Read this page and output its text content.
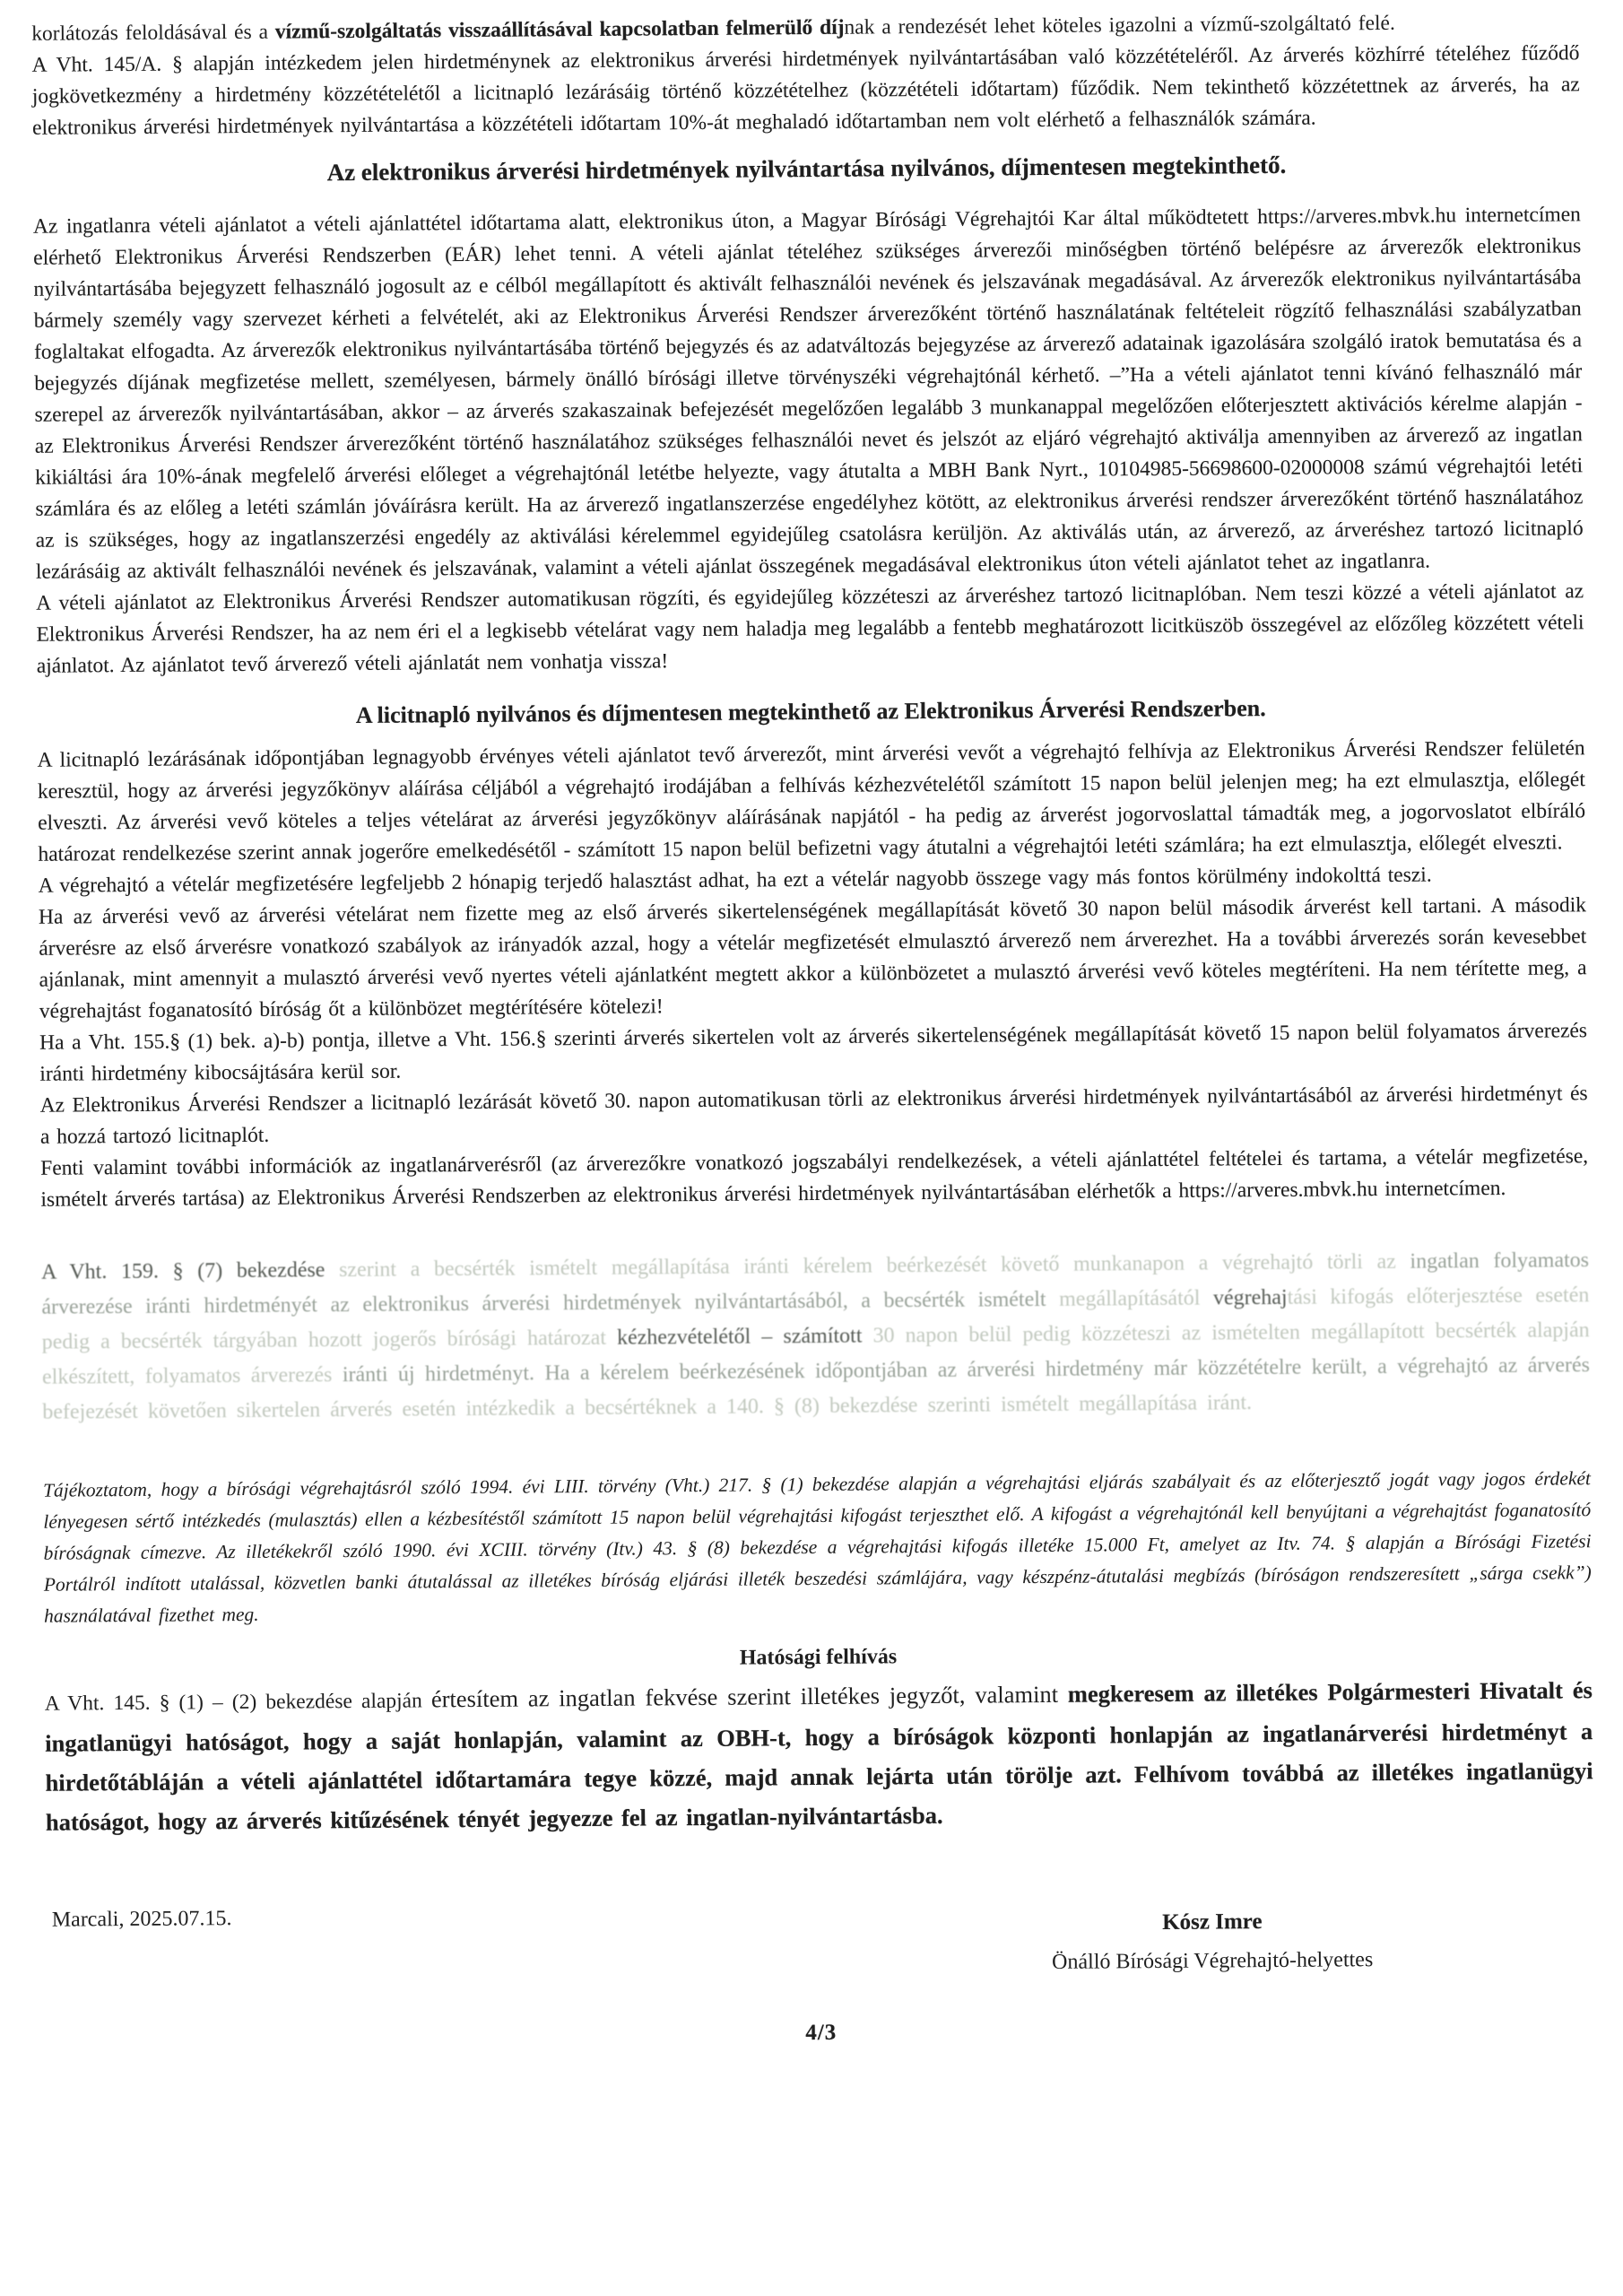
korlátozás feloldásával és a vízmű-szolgáltatás visszaállításával kapcsolatban felmerülő díjnak a rendezését lehet köteles igazolni a vízmű-szolgáltató felé.

A Vht. 145/A. § alapján intézkedem jelen hirdetménynek az elektronikus árverési hirdetmények nyilvántartásában való közzétételéről. Az árverés közhírré tételéhez fűződő jogkövetkezmény a hirdetmény közzétételétől a licitnapló lezárásáig történő közzétételhez (közzétételi időtartam) fűződik. Nem tekinthető közzétettnek az árverés, ha az elektronikus árverési hirdetmények nyilvántartása a közzétételi időtartam 10%-át meghaladó időtartamban nem volt elérhető a felhasználók számára.

Az elektronikus árverési hirdetmények nyilvántartása nyilvános, díjmentesen megtekinthető.

Az ingatlanra vételi ajánlatot a vételi ajánlattétel időtartama alatt, elektronikus úton, a Magyar Bírósági Végrehajtói Kar által működtetett https://arveres.mbvk.hu internetcímen elérhető Elektronikus Árverési Rendszerben (EÁR) lehet tenni. A vételi ajánlat tételéhez szükséges árverezői minőségben történő belépésre az árverezők elektronikus nyilvántartásába bejegyzett felhasználó jogosult az e célból megállapított és aktivált felhasználói nevének és jelszavának megadásával. Az árverezők elektronikus nyilvántartásába bármely személy vagy szervezet kérheti a felvételét, aki az Elektronikus Árverési Rendszer árverezőként történő használatának feltételeit rögzítő felhasználási szabályzatban foglaltakat elfogadta. Az árverezők elektronikus nyilvántartásába történő bejegyzés és az adatváltozás bejegyzése az árverező adatainak igazolására szolgáló iratok bemutatása és a bejegyzés díjának megfizetése mellett, személyesen, bármely önálló bírósági illetve törvényszéki végrehajtónál kérhető. –”Ha a vételi ajánlatot tenni kívánó felhasználó már szerepel az árverezők nyilvántartásában, akkor – az árverés szakaszainak befejezését megelőzően legalább 3 munkanappal megelőzően előterjesztett aktivációs kérelme alapján - az Elektronikus Árverési Rendszer árverezőként történő használatához szükséges felhasználói nevet és jelszót az eljáró végrehajtó aktiválja amennyiben az árverező az ingatlan kikiáltási ára 10%-ának megfelelő árverési előleget a végrehajtónál letétbe helyezte, vagy átutalta a MBH Bank Nyrt., 10104985-56698600-02000008 számú végrehajtói letéti számlára és az előleg a letéti számlán jóváírásra került. Ha az árverező ingatlanszerzése engedélyhez kötött, az elektronikus árverési rendszer árverezőként történő használatához az is szükséges, hogy az ingatlanszerzési engedély az aktiválási kérelemmel egyidejűleg csatolásra kerüljön. Az aktiválás után, az árverező, az árveréshez tartozó licitnapló lezárásáig az aktivált felhasználói nevének és jelszavának, valamint a vételi ajánlat összegének megadásával elektronikus úton vételi ajánlatot tehet az ingatlanra.

A vételi ajánlatot az Elektronikus Árverési Rendszer automatikusan rögzíti, és egyidejűleg közzéteszi az árveréshez tartozó licitnaplóban. Nem teszi közzé a vételi ajánlatot az Elektronikus Árverési Rendszer, ha az nem éri el a legkisebb vételárat vagy nem haladja meg legalább a fentebb meghatározott licitküszöb összegével az előzőleg közzétett vételi ajánlatot. Az ajánlatot tevő árverező vételi ajánlatát nem vonhatja vissza!

A licitnapló nyilvános és díjmentesen megtekinthető az Elektronikus Árverési Rendszerben.

A licitnapló lezárásának időpontjában legnagyobb érvényes vételi ajánlatot tevő árverezőt, mint árverési vevőt a végrehajtó felhívja az Elektronikus Árverési Rendszer felületén keresztül, hogy az árverési jegyzőkönyv aláírása céljából a végrehajtó irodájában a felhívás kézhezvételétől számított 15 napon belül jelenjen meg; ha ezt elmulasztja, előlegét elveszti. Az árverési vevő köteles a teljes vételárat az árverési jegyzőkönyv aláírásának napjától - ha pedig az árverést jogorvoslattal támadták meg, a jogorvoslatot elbíráló határozat rendelkezése szerint annak jogerőre emelkedésétől - számított 15 napon belül befizetni vagy átutalni a végrehajtói letéti számlára; ha ezt elmulasztja, előlegét elveszti.

A végrehajtó a vételár megfizetésére legfeljebb 2 hónapig terjedő halasztást adhat, ha ezt a vételár nagyobb összege vagy más fontos körülmény indokolttá teszi.

Ha az árverési vevő az árverési vételárat nem fizette meg az első árverés sikertelenségének megállapítását követő 30 napon belül második árverést kell tartani. A második árverésre az első árverésre vonatkozó szabályok az irányadók azzal, hogy a vételár megfizetését elmulasztó árverező nem árverezhet. Ha a további árverezés során kevesebbet ajánlanak, mint amennyit a mulasztó árverési vevő nyertes vételi ajánlatként megtett akkor a különbözetet a mulasztó árverési vevő köteles megtéríteni. Ha nem térítette meg, a végrehajtást foganatosító bíróság őt a különbözet megtérítésére kötelezi!

Ha a Vht. 155.§ (1) bek. a)-b) pontja, illetve a Vht. 156.§ szerinti árverés sikertelen volt az árverés sikertelenségének megállapítását követő 15 napon belül folyamatos árverezés iránti hirdetmény kibocsájtására kerül sor.

Az Elektronikus Árverési Rendszer a licitnapló lezárását követő 30. napon automatikusan törli az elektronikus árverési hirdetmények nyilvántartásából az árverési hirdetményt és a hozzá tartozó licitnaplót.

Fenti valamint további információk az ingatlanárverésről (az árverezőkre vonatkozó jogszabályi rendelkezések, a vételi ajánlattétel feltételei és tartama, a vételár megfizetése, ismételt árverés tartása) az Elektronikus Árverési Rendszerben az elektronikus árverési hirdetmények nyilvántartásában elérhetők a https://arveres.mbvk.hu internetcímen.

A Vht. 159. § (7) bekezdése szerint a becsérték ismételt megállapítása iránti kérelem beérkezését követő munkanapon a végrehajtó törli az ingatlan folyamatos árverezése iránti hirdetményét az elektronikus árverési hirdetmények nyilvántartásából, a becsérték ismételt megállapításától végrehajtási kifogás előterjesztése esetén pedig a becsérték tárgyában hozott jogerős bírósági határozat kézhezvételétől – számított 30 napon belül pedig közzéteszi az ismételten megállapított becsérték alapján elkészített, folyamatos árverezés iránti új hirdetményt. Ha a kérelem beérkezésének időpontjában az árverési hirdetmény már közzétételre került, a végrehajtó az árverés befejezését követően sikertelen árverés esetén intézkedik a becsértéknek a 140. § (8) bekezdése szerinti ismételt megállapítása iránt.

Tájékoztatom, hogy a bírósági végrehajtásról szóló 1994. évi LIII. törvény (Vht.) 217. § (1) bekezdése alapján a végrehajtási eljárás szabályait és az előterjesztő jogát vagy jogos érdekét lényegesen sértő intézkedés (mulasztás) ellen a kézbesítéstől számított 15 napon belül végrehajtási kifogást terjeszthet elő. A kifogást a végrehajtónál kell benyújtani a végrehajtást foganatosító bíróságnak címezve. Az illetékekről szóló 1990. évi XCIII. törvény (Itv.) 43. § (8) bekezdése a végrehajtási kifogás illetéke 15.000 Ft, amelyet az Itv. 74. § alapján a Bírósági Fizetési Portálról indított utalással, közvetlen banki átutalással az illetékes bíróság eljárási illeték beszedési számlájára, vagy készpénz-átutalási megbízás (bíróságon rendszeresített „sárga csekk”) használatával fizethet meg.

Hatósági felhívás

A Vht. 145. § (1) – (2) bekezdése alapján értesítem az ingatlan fekvése szerint illetékes jegyzőt, valamint megkeresem az illetékes Polgármesteri Hivatalt és ingatlanügyi hatóságot, hogy a saját honlapján, valamint az OBH-t, hogy a bíróságok központi honlapján az ingatlanárverési hirdetményt a hirdetőtábláján a vételi ajánlattétel időtartamára tegye közzé, majd annak lejárta után törölje azt. Felhívom továbbá az illetékes ingatlanügyi hatóságot, hogy az árverés kitűzésének tényét jegyezze fel az ingatlan-nyilvántartásba.

Marcali, 2025.07.15.	Kósz Imre
Önálló Bírósági Végrehajtó-helyettes
4/3
